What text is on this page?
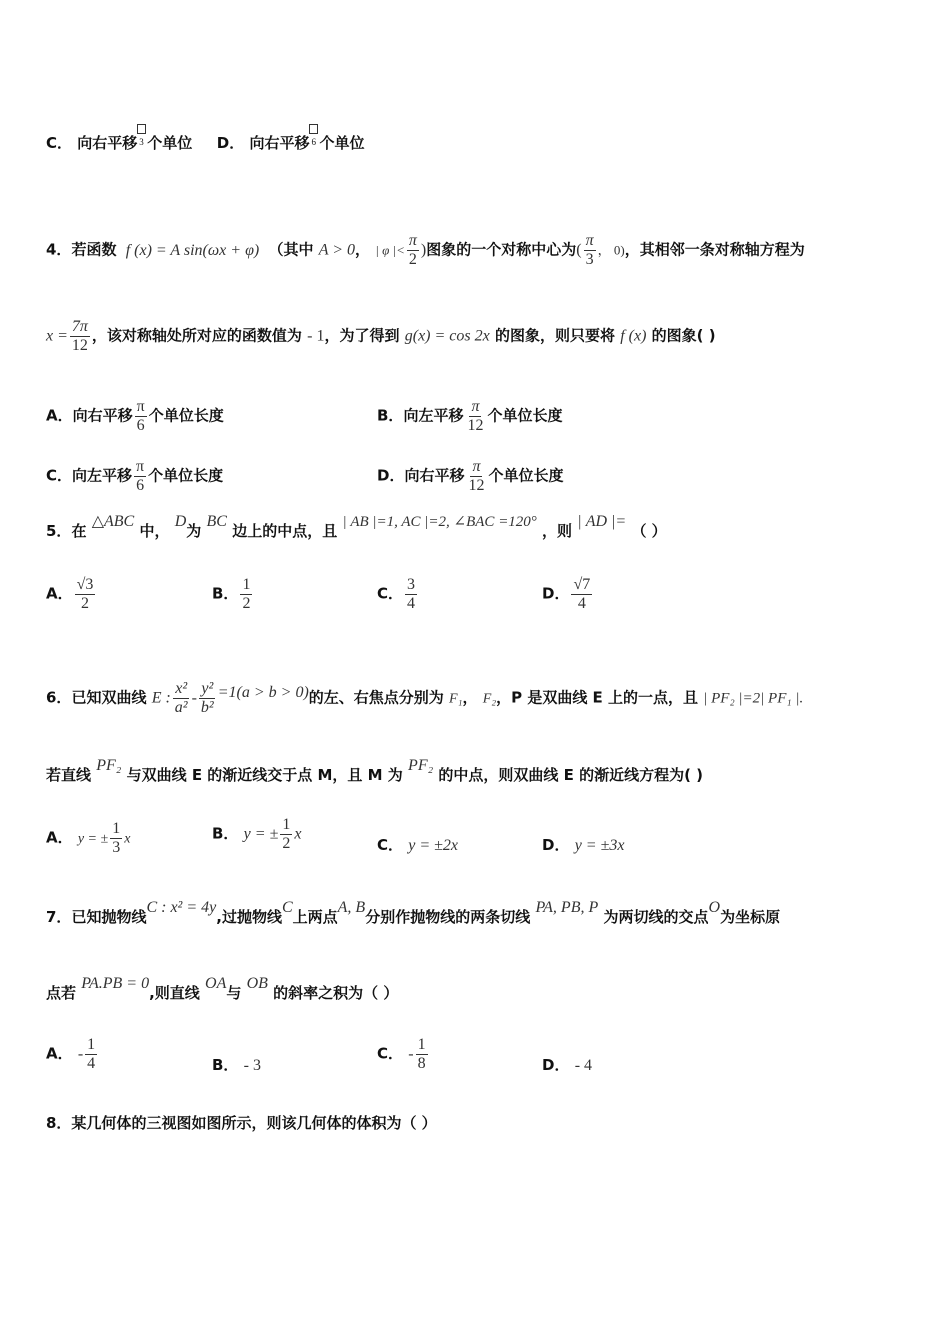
C． 向右平移 3 个单位 D． 向右平移 6 个单位
4．若函数 f (x) = A sin(ωx + φ) （其中 A > 0， | φ |< $\frac{\pi}{2}$ )图象的一个对称中心为( $\frac{\pi}{3}$ ， 0)，其相邻一条对称轴方程为
$x = \frac{7\pi}{12}$ ，该对称轴处所对应的函数值为 - 1，为了得到 g(x) = cos 2x 的图象，则只要将 f (x) 的图象( )
A．向右平移 $\frac{\pi}{6}$ 个单位长度	B．向左平移 $\frac{\pi}{12}$ 个单位长度
C．向左平移 $\frac{\pi}{6}$ 个单位长度	D．向右平移 $\frac{\pi}{12}$ 个单位长度
5．在 △ABC 中， D为 BC 边上的中点，且 | AB |=1, AC |=2, ∠BAC =120° ，则 | AD |= （ ）
A． $\frac{√3}{2}$	B． $\frac{1}{2}$	C． $\frac{3}{4}$	D． $\frac{√7}{4}$
6．已知双曲线 E : $\frac{\text{x²}}{\text{a²}} - \frac{\text{y²}}{\text{b²}} =1(a > b > 0)$的左、右焦点分别为 F₁， F₂，P 是双曲线 E 上的一点，且 | PF₂ |=2| PF₁ |.
若直线 PF₂ 与双曲线 E 的渐近线交于点 M，且 M 为 PF₂ 的中点，则双曲线 E 的渐近线方程为( )
A． y = ± $\frac{1}{3}$ x	B． y = ± $\frac{1}{2}$ x
C． y = ±2x	D． y = ±3x
7．已知抛物线C : x² = 4y,过抛物线C上两点A, B分别作抛物线的两条切线 PA, PB, P 为两切线的交点O为坐标原
点若 PA.PB = 0,则直线 OA与 OB 的斜率之积为（ ）
A． - $\frac{1}{4}$	B． - 3
C． - $\frac{1}{8}$	D． - 4
8．某几何体的三视图如图所示，则该几何体的体积为（ ）
